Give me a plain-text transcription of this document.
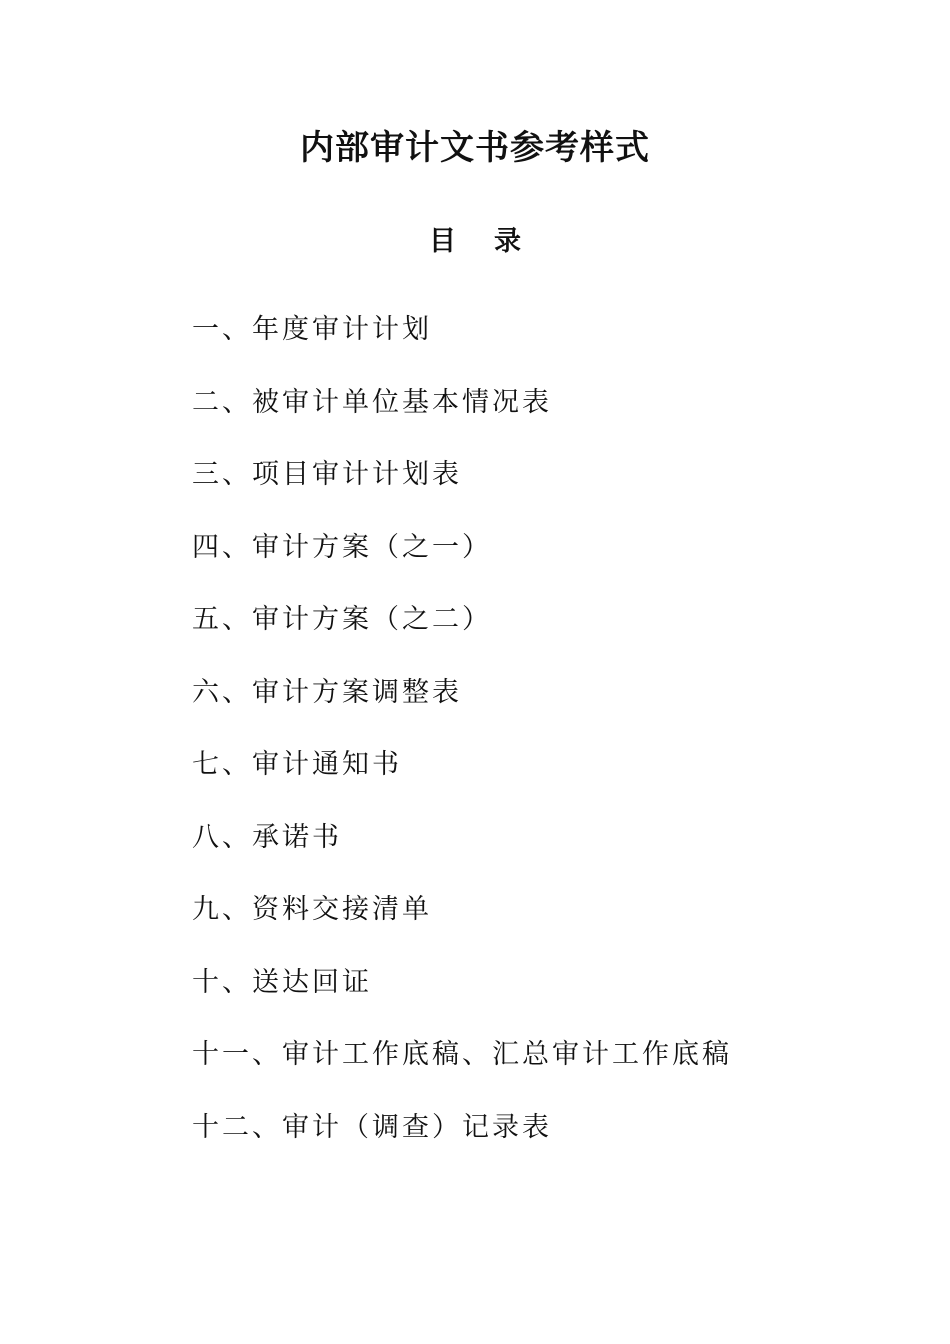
内部审计文书参考样式
目录
一、年度审计计划
二、被审计单位基本情况表
三、项目审计计划表
四、审计方案（之一）
五、审计方案（之二）
六、审计方案调整表
七、审计通知书
八、承诺书
九、资料交接清单
十、送达回证
十一、审计工作底稿、汇总审计工作底稿
十二、审计（调查）记录表
